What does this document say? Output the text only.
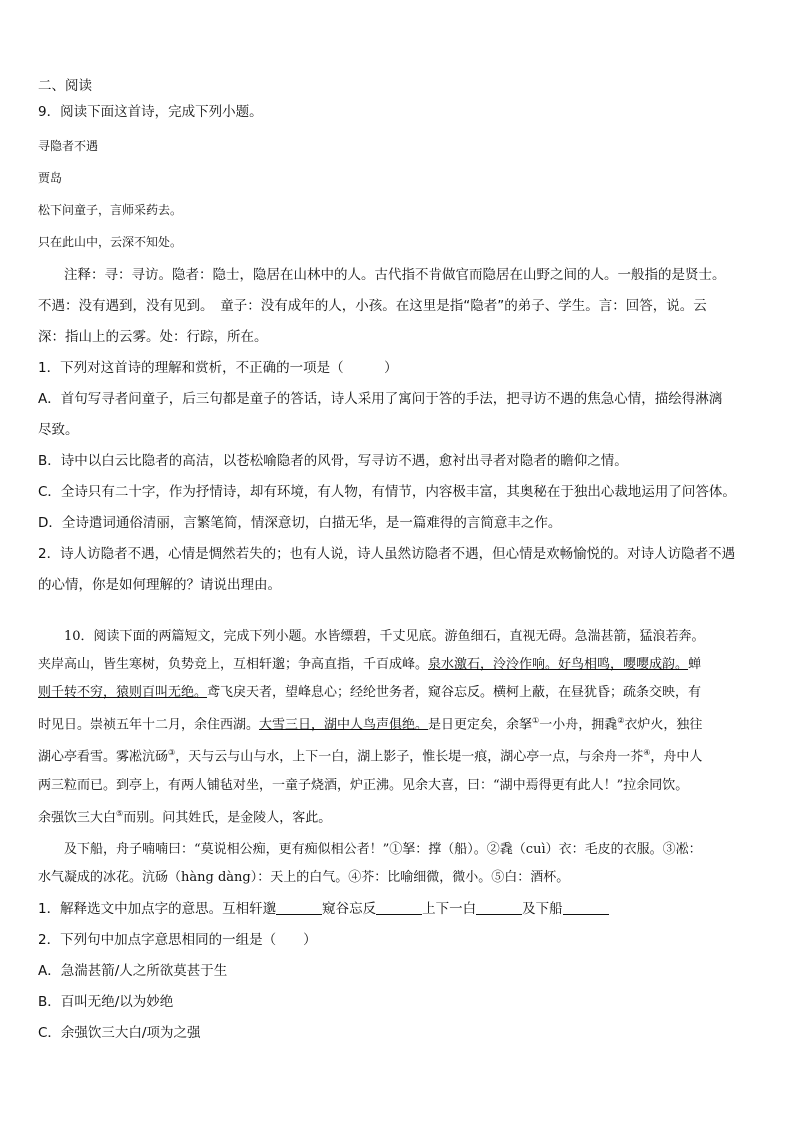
二、阅读
9．阅读下面这首诗，完成下列小题。
寻隐者不遇
贾岛
松下问童子，言师采药去。
只在此山中，云深不知处。
注释：寻：寻访。隐者：隐士，隐居在山林中的人。古代指不肯做官而隐居在山野之间的人。一般指的是贤士。
不遇：没有遇到，没有见到。　童子：没有成年的人，小孩。在这里是指“隐者”的弟子、学生。言：回答，说。云
深：指山上的云雾。处：行踪，所在。
1．下列对这首诗的理解和赏析，不正确的一项是（　　　）
A．首句写寻者问童子，后三句都是童子的答话，诗人采用了寓问于答的手法，把寻访不遇的焦急心情，描绘得淋漓
尽致。
B．诗中以白云比隐者的高洁，以苍松喻隐者的风骨，写寻访不遇，愈衬出寻者对隐者的瞻仰之情。
C．全诗只有二十字，作为抒情诗，却有环境，有人物，有情节，内容极丰富，其奥秘在于独出心裁地运用了问答体。
D．全诗遣词通俗清丽，言繁笔简，情深意切，白描无华，是一篇难得的言简意丰之作。
2．诗人访隐者不遇，心情是惆然若失的；也有人说，诗人虽然访隐者不遇，但心情是欢畅愉悦的。对诗人访隐者不遇
的心情，你是如何理解的？请说出理由。
10．阅读下面的两篇短文，完成下列小题。水皆缥碧，千丈见底。游鱼细石，直视无碍。急湍甚箭，猛浪若奔。
夹岸高山，皆生寒树，负势竞上，互相轩邈；争高直指，千百成峰。泉水激石，泠泠作响。好鸟相鸣，嘤嘤成韵。蝉
则千转不穷，猿则百叫无绝。鸢飞戾天者，望峰息心；经纶世务者，窥谷忘反。横柯上蔽，在昼犹昏；疏条交映，有
时见日。崇祯五年十二月，余住西湖。大雪三日，湖中人鸟声俱绝。是日更定矣，余拏①一小舟，拥毳②衣炉火，独往
湖心亭看雪。雾凇沆砀③，天与云与山与水，上下一白，湖上影子，惟长堤一痕，湖心亭一点，与余舟一芥④，舟中人
两三粒而已。到亭上，有两人铺毡对坐，一童子烧酒，炉正沸。见余大喜，曰：“湖中焉得更有此人！”拉余同饮。
余强饮三大白⑤而别。问其姓氏，是金陵人，客此。
及下船，舟子喃喃曰：“莫说相公痴，更有痴似相公者！”①拏：撑（船）。②毳（cuì）衣：毛皮的衣服。③凇：
水气凝成的冰花。沆砀（hàng dàng）：天上的白气。④芥：比喻细微，微小。⑤白：酒杯。
1．解释选文中加点字的意思。互相轩邈	窥谷忘反	上下一白	及下船
2．下列句中加点字意思相同的一组是（　　）
A．急湍甚箭/人之所欲莫甚于生
B．百叫无绝/以为妙绝
C．余强饮三大白/项为之强
